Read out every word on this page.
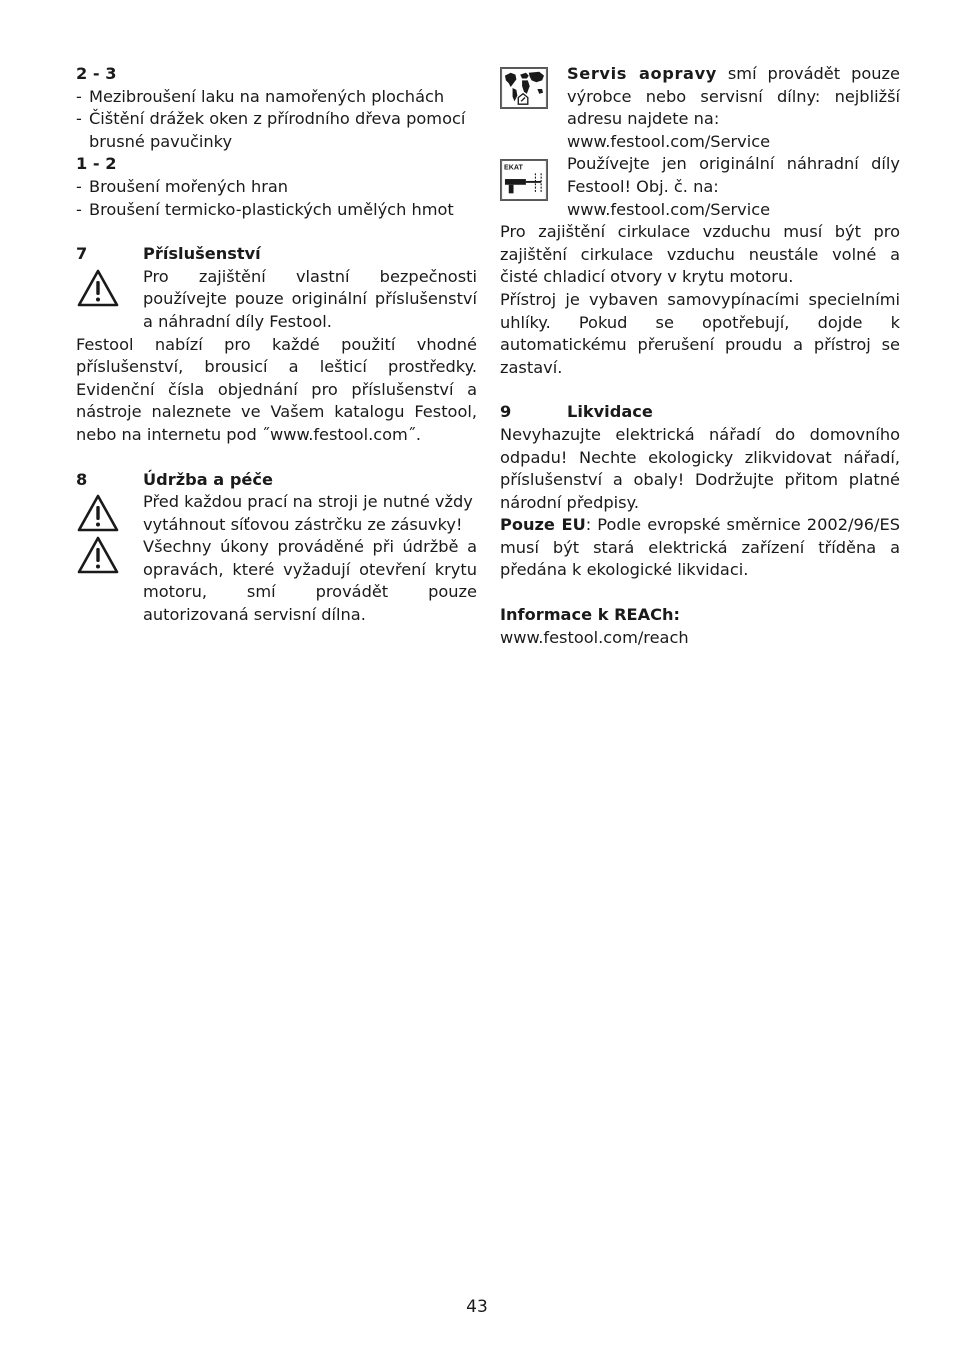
2 - 3

- Mezibroušení laku na namořených plochách
- Čištění drážek oken z přírodního dřeva pomocí brusné pavučinky

1 - 2

- Broušení mořených hran
- Broušení termicko-plastických umělých hmot
7	Příslušenství

Pro zajištění vlastní bezpečnosti používejte pouze originální příslušenství a náhradní díly Festool.

Festool nabízí pro každé použití vhodné příslušenství, brousicí a lešticí prostředky. Evidenční čísla objednání pro příslušenství a nástroje naleznete ve Vašem katalogu Festool, nebo na internetu pod ˝www.festool.com˝.

8	Údržba a péče

Před každou prací na stroji je nutné vždy vytáhnout síťovou zástrčku ze zásuvky!

Všechny úkony prováděné při údržbě a opravách, které vyžadují otevření krytu motoru, smí provádět pouze autorizovaná servisní dílna.

EKAT

Servis aopravy smí provádět pouze výrobce nebo servisní dílny: nejbližší adresu najdete na:

www.festool.com/Service

Používejte jen originální náhradní díly Festool! Obj. č. na:

www.festool.com/Service

Pro zajištění cirkulace vzduchu musí být pro zajištění cirkulace vzduchu neustále volné a čisté chladicí otvory v krytu motoru.

Přístroj je vybaven samovypínacími specielními uhlíky. Pokud se opotřebují, dojde k automatickému přerušení proudu a přístroj se zastaví.

9	Likvidace

Nevyhazujte elektrická nářadí do domovního odpadu! Nechte ekologicky zlikvidovat nářadí, příslušenství a obaly! Dodržujte přitom platné národní předpisy.

Pouze EU: Podle evropské směrnice 2002/96/ES musí být stará elektrická zařízení tříděna a předána k ekologické likvidaci.

Informace k REACh:

www.festool.com/reach

43
